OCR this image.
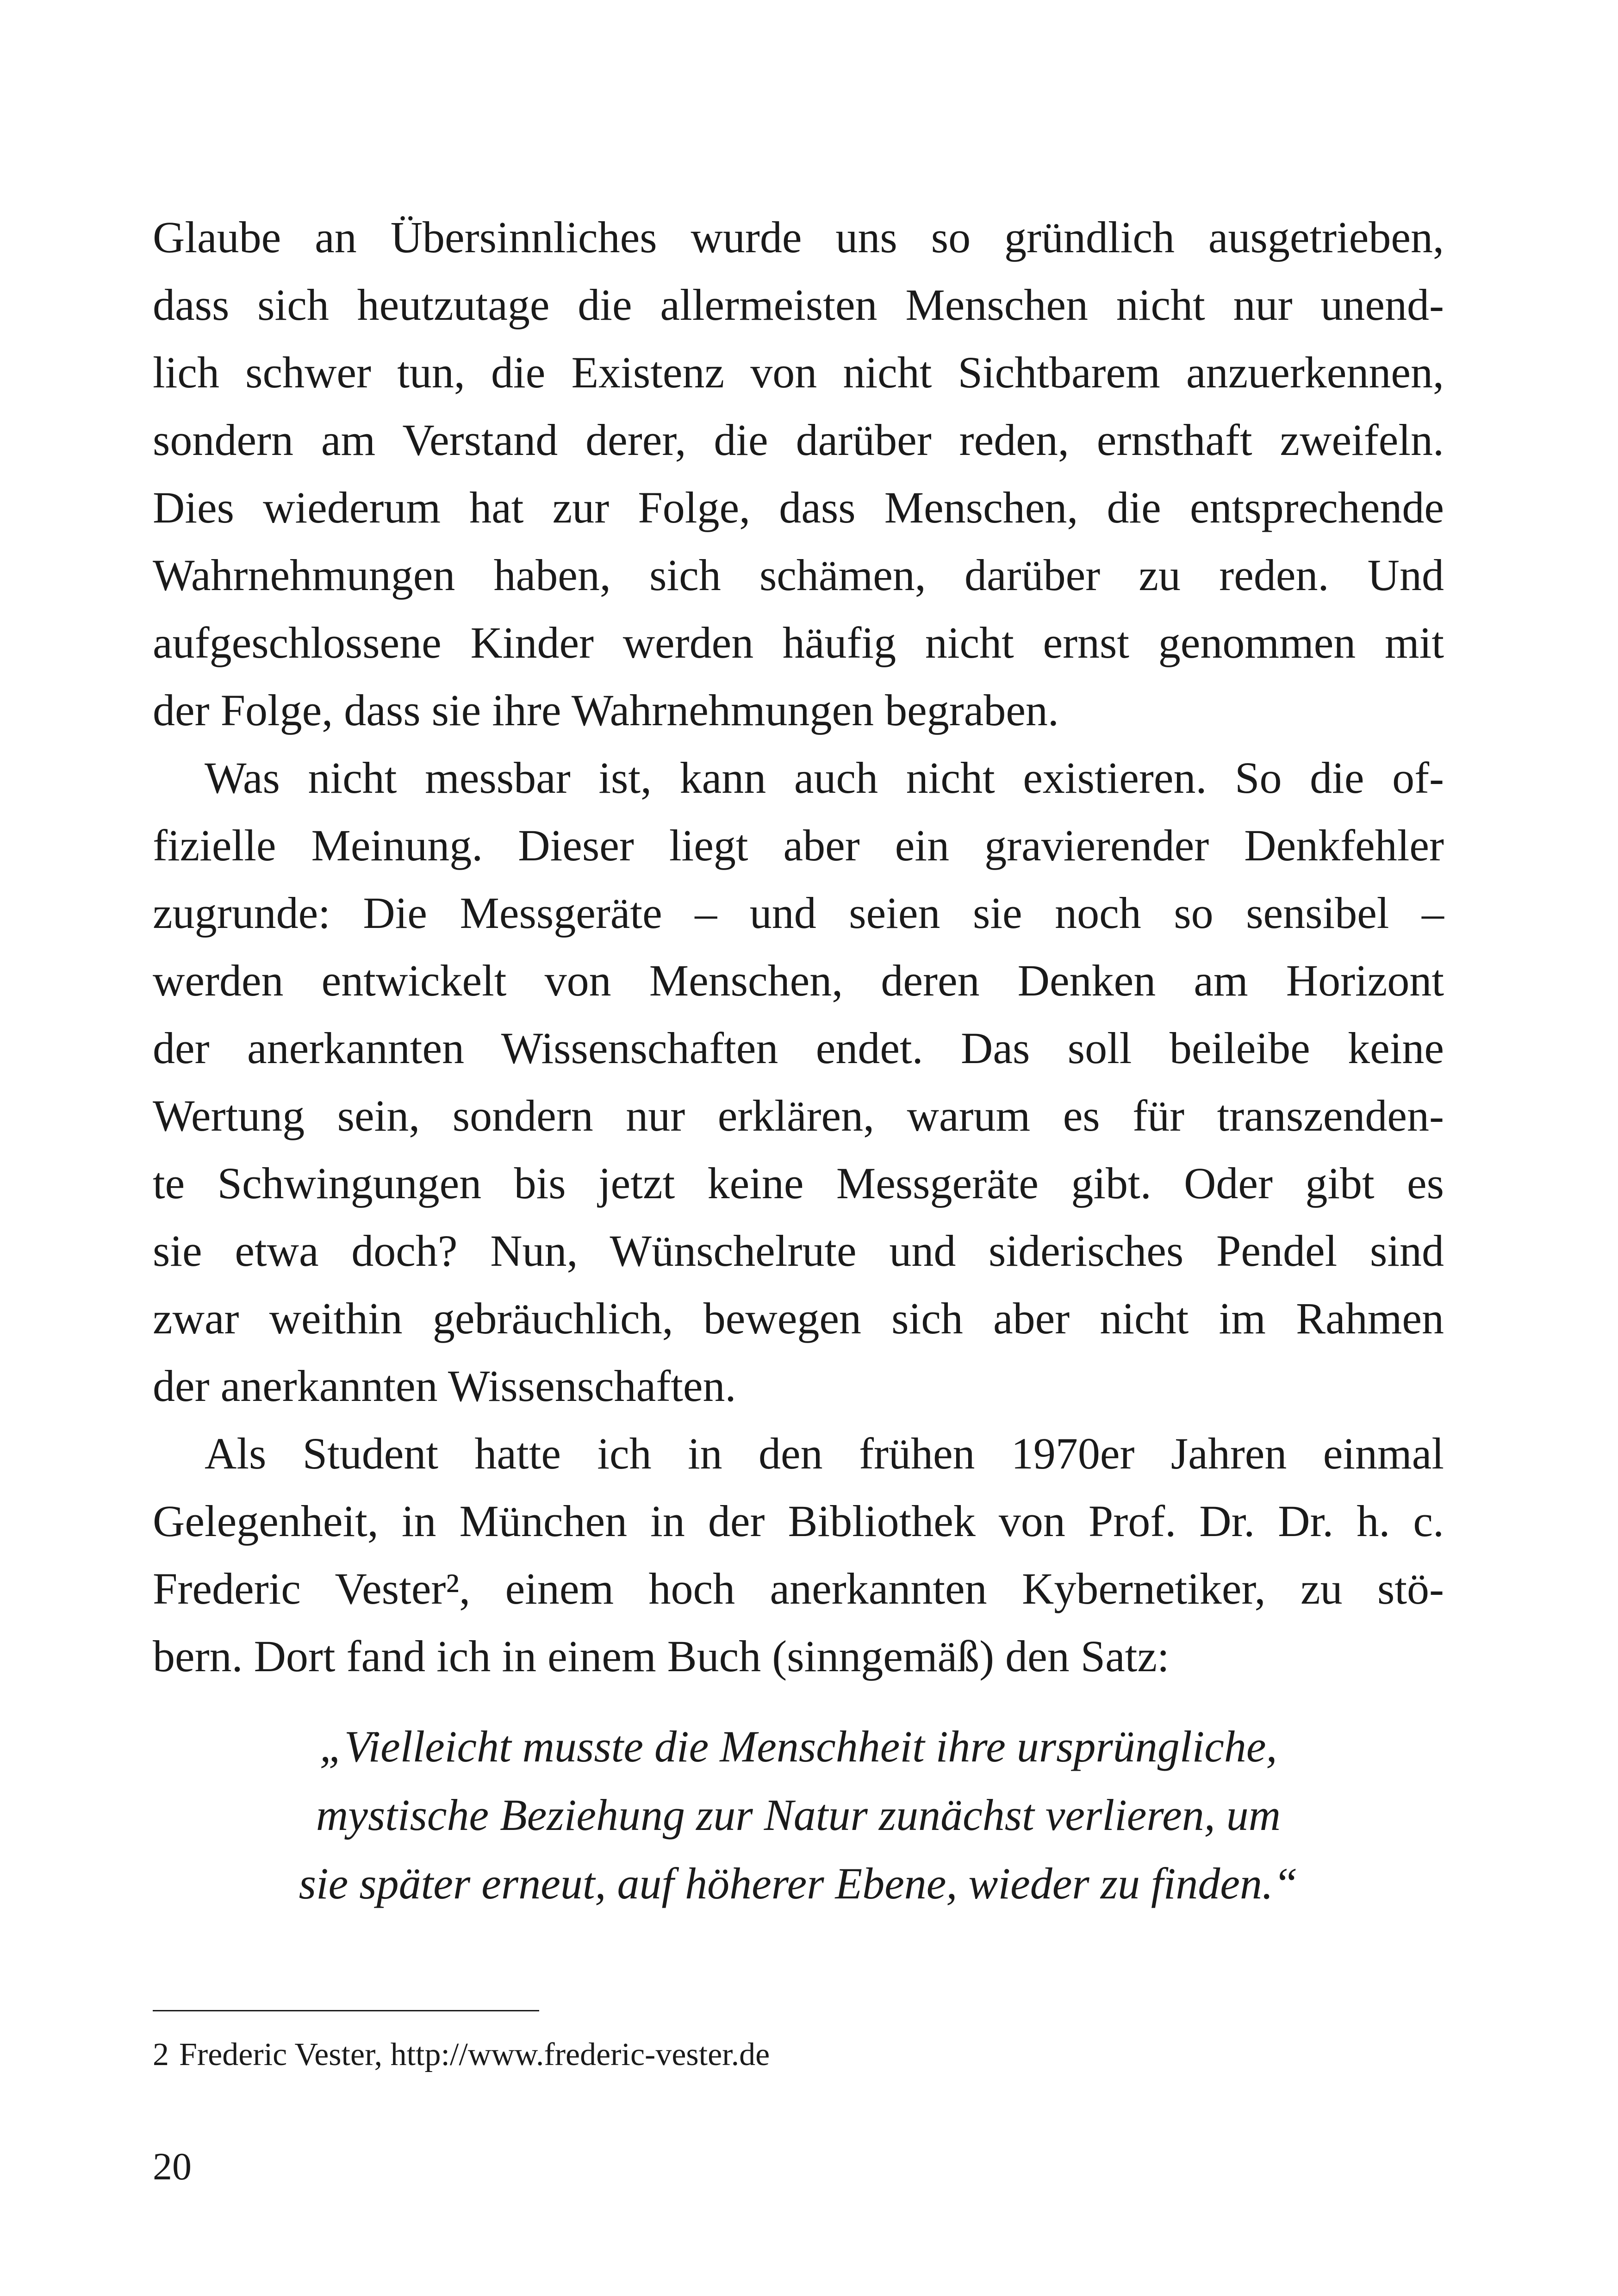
Glaube an Übersinnliches wurde uns so gründlich ausgetrieben,
dass sich heutzutage die allermeisten Menschen nicht nur unend-
lich schwer tun, die Existenz von nicht Sichtbarem anzuerkennen,
sondern am Verstand derer, die darüber reden, ernsthaft zweifeln.
Dies wiederum hat zur Folge, dass Menschen, die entsprechende
Wahrnehmungen haben, sich schämen, darüber zu reden. Und
aufgeschlossene Kinder werden häufig nicht ernst genommen mit
der Folge, dass sie ihre Wahrnehmungen begraben.
Was nicht messbar ist, kann auch nicht existieren. So die of-
fizielle Meinung. Dieser liegt aber ein gravierender Denkfehler
zugrunde: Die Messgeräte – und seien sie noch so sensibel –
werden entwickelt von Menschen, deren Denken am Horizont
der anerkannten Wissenschaften endet. Das soll beileibe keine
Wertung sein, sondern nur erklären, warum es für transzenden-
te Schwingungen bis jetzt keine Messgeräte gibt. Oder gibt es
sie etwa doch? Nun, Wünschelrute und siderisches Pendel sind
zwar weithin gebräuchlich, bewegen sich aber nicht im Rahmen
der anerkannten Wissenschaften.
Als Student hatte ich in den frühen 1970er Jahren einmal
Gelegenheit, in München in der Bibliothek von Prof. Dr. Dr. h. c.
Frederic Vester², einem hoch anerkannten Kybernetiker, zu stö-
bern. Dort fand ich in einem Buch (sinngemäß) den Satz:
„Vielleicht musste die Menschheit ihre ursprüngliche,
mystische Beziehung zur Natur zunächst verlieren, um
sie später erneut, auf höherer Ebene, wieder zu finden.“
2 Frederic Vester, http://www.frederic-vester.de
20
